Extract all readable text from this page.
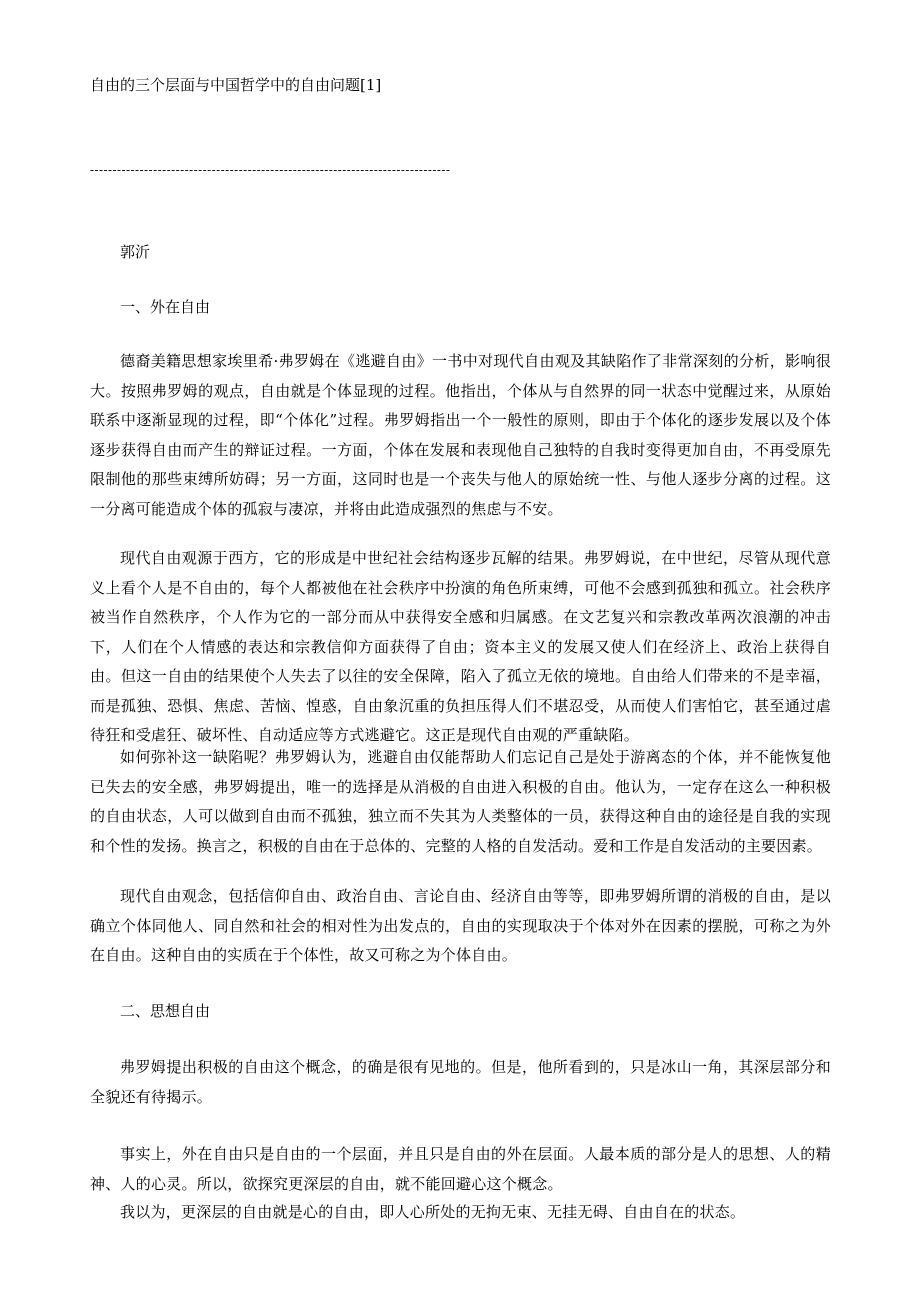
自由的三个层面与中国哲学中的自由问题[1]
--------------------------------------------------------------------------------
郭沂
一、外在自由

德裔美籍思想家埃里希·弗罗姆在《逃避自由》一书中对现代自由观及其缺陷作了非常深刻的分析，影响很大。按照弗罗姆的观点，自由就是个体显现的过程。他指出，个体从与自然界的同一状态中觉醒过来，从原始联系中逐渐显现的过程，即“个体化”过程。弗罗姆指出一个一般性的原则，即由于个体化的逐步发展以及个体逐步获得自由而产生的辩证过程。一方面，个体在发展和表现他自己独特的自我时变得更加自由，不再受原先限制他的那些束缚所妨碍；另一方面，这同时也是一个丧失与他人的原始统一性、与他人逐步分离的过程。这一分离可能造成个体的孤寂与凄凉，并将由此造成强烈的焦虑与不安。

现代自由观源于西方，它的形成是中世纪社会结构逐步瓦解的结果。弗罗姆说，在中世纪，尽管从现代意义上看个人是不自由的，每个人都被他在社会秩序中扮演的角色所束缚，可他不会感到孤独和孤立。社会秩序被当作自然秩序，个人作为它的一部分而从中获得安全感和归属感。在文艺复兴和宗教改革两次浪潮的冲击下，人们在个人情感的表达和宗教信仰方面获得了自由；资本主义的发展又使人们在经济上、政治上获得自由。但这一自由的结果使个人失去了以往的安全保障，陷入了孤立无依的境地。自由给人们带来的不是幸福，而是孤独、恐惧、焦虑、苦恼、惶惑，自由象沉重的负担压得人们不堪忍受，从而使人们害怕它，甚至通过虐待狂和受虐狂、破坏性、自动适应等方式逃避它。这正是现代自由观的严重缺陷。

如何弥补这一缺陷呢？弗罗姆认为，逃避自由仅能帮助人们忘记自己是处于游离态的个体，并不能恢复他已失去的安全感，弗罗姆提出，唯一的选择是从消极的自由进入积极的自由。他认为，一定存在这么一种积极的自由状态，人可以做到自由而不孤独，独立而不失其为人类整体的一员，获得这种自由的途径是自我的实现和个性的发扬。换言之，积极的自由在于总体的、完整的人格的自发活动。爱和工作是自发活动的主要因素。

现代自由观念，包括信仰自由、政治自由、言论自由、经济自由等等，即弗罗姆所谓的消极的自由，是以确立个体同他人、同自然和社会的相对性为出发点的，自由的实现取决于个体对外在因素的摆脱，可称之为外在自由。这种自由的实质在于个体性，故又可称之为个体自由。

二、思想自由

弗罗姆提出积极的自由这个概念，的确是很有见地的。但是，他所看到的，只是冰山一角，其深层部分和全貌还有待揭示。

事实上，外在自由只是自由的一个层面，并且只是自由的外在层面。人最本质的部分是人的思想、人的精神、人的心灵。所以，欲探究更深层的自由，就不能回避心这个概念。

我以为，更深层的自由就是心的自由，即人心所处的无拘无束、无挂无碍、自由自在的状态。
